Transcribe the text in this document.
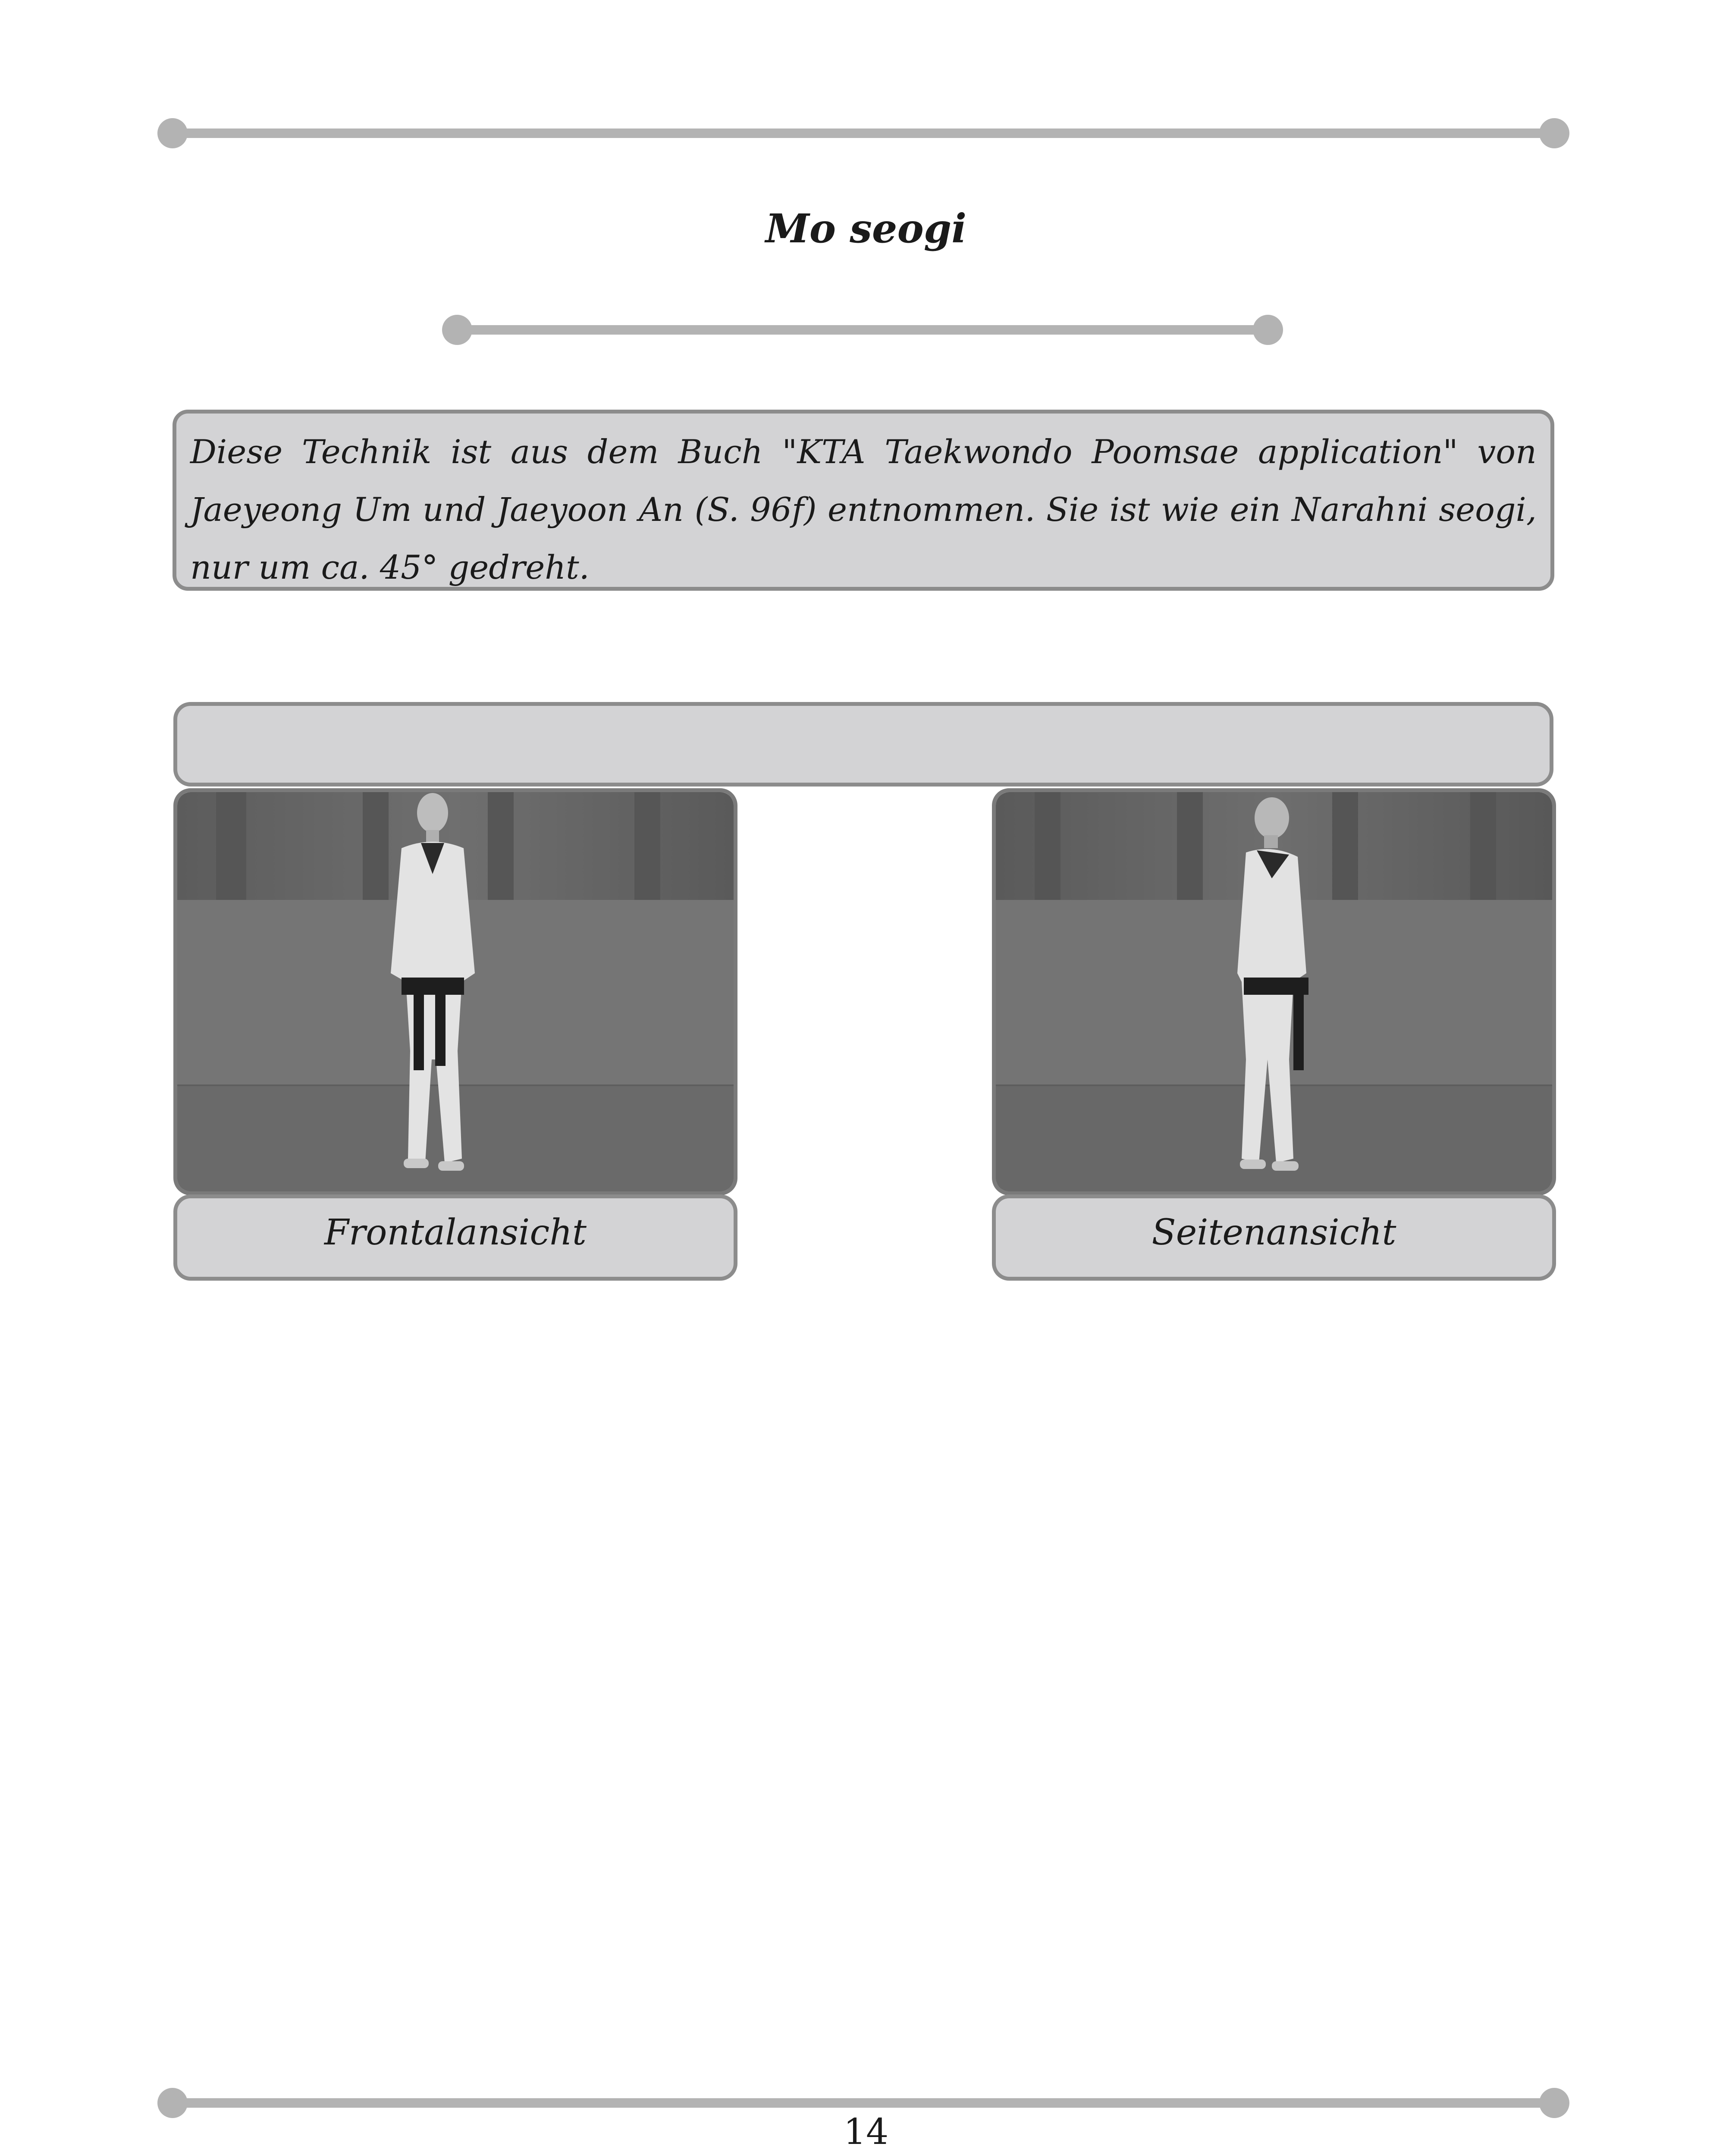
Mo seogi

Diese Technik ist aus dem Buch "KTA Taekwondo Poomsae application" von Jaeyeong Um und Jaeyoon An (S. 96f) entnommen. Sie ist wie ein Narahni seogi, nur um ca. 45° gedreht.

Frontalansicht	Seitenansicht
14
